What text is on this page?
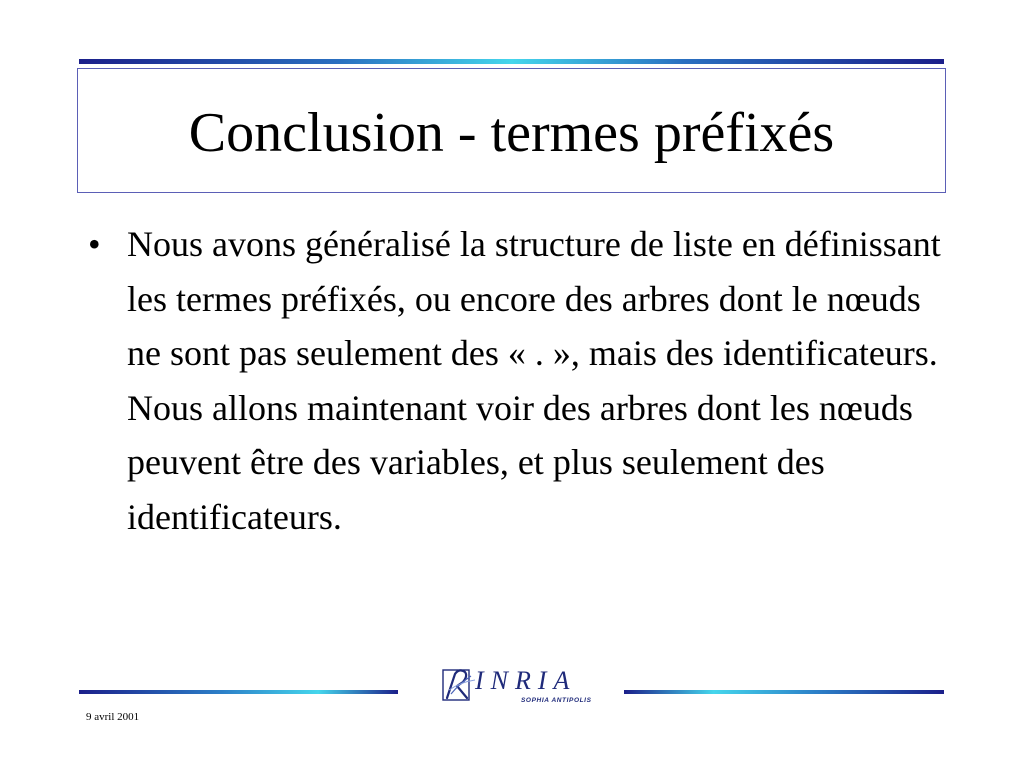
Conclusion - termes préfixés
• Nous avons généralisé la structure de liste en définissant les termes préfixés, ou encore des arbres dont le nœuds ne sont pas seulement des « . », mais des identificateurs. Nous allons maintenant voir des arbres dont les nœuds peuvent être des variables, et plus seulement des identificateurs.
INRIA
SOPHIA ANTIPOLIS
9 avril 2001
